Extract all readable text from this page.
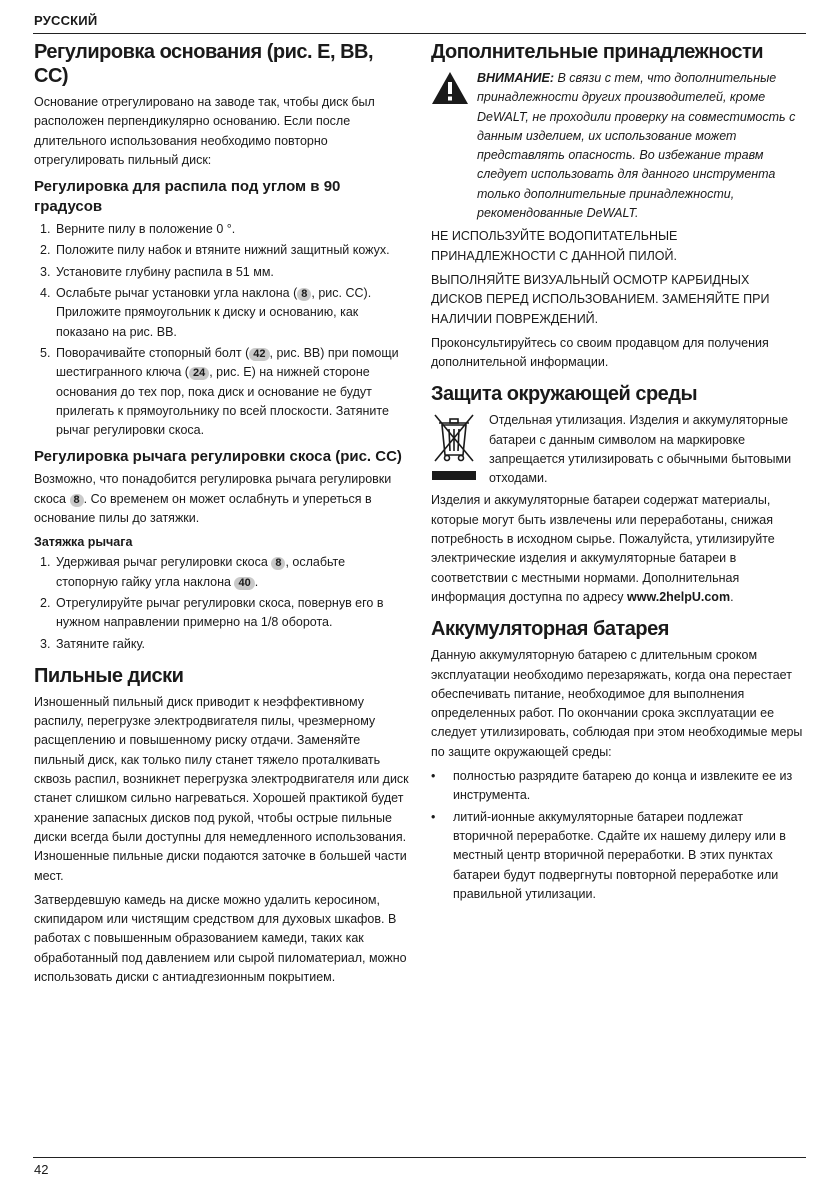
РУССКИЙ
Регулировка основания (рис. E, BB, CC)

Основание отрегулировано на заводе так, чтобы диск был расположен перпендикулярно основанию. Если после длительного использования необходимо повторно отрегулировать пильный диск:

Регулировка для распила под углом в 90 градусов
1. Верните пилу в положение 0 °.
2. Положите пилу набок и втяните нижний защитный кожух.
3. Установите глубину распила в 51 мм.
4. Ослабьте рычаг установки угла наклона ( 8 , рис. CC). Приложите прямоугольник к диску и основанию, как показано на рис. BB.
5. Поворачивайте стопорный болт ( 42 , рис. BB) при помощи шестигранного ключа ( 24 , рис. E) на нижней стороне основания до тех пор, пока диск и основание не будут прилегать к прямоугольнику по всей плоскости. Затяните рычаг регулировки скоса.
Регулировка рычага регулировки скоса (рис. CC)

Возможно, что понадобится регулировка рычага регулировки скоса 8 . Со временем он может ослабнуть и упереться в основание пилы до затяжки.

Затяжка рычага
1. Удерживая рычаг регулировки скоса 8 , ослабьте стопорную гайку угла наклона 40 .
2. Отрегулируйте рычаг регулировки скоса, повернув его в нужном направлении примерно на 1/8 оборота.
3. Затяните гайку.
Пильные диски

Изношенный пильный диск приводит к неэффективному распилу, перегрузке электродвигателя пилы, чрезмерному расщеплению и повышенному риску отдачи. Заменяйте пильный диск, как только пилу станет тяжело проталкивать сквозь распил, возникнет перегрузка электродвигателя или диск станет слишком сильно нагреваться. Хорошей практикой будет хранение запасных дисков под рукой, чтобы острые пильные диски всегда были доступны для немедленного использования. Изношенные пильные диски подаются заточке в большей части мест.

Затвердевшую камедь на диске можно удалить керосином, скипидаром или чистящим средством для духовых шкафов. В работах с повышенным образованием камеди, таких как обработанный под давлением или сырой пиломатериал, можно использовать диски с антиадгезионным покрытием.

Дополнительные принадлежности

ВНИМАНИЕ: В связи с тем, что дополнительные принадлежности других производителей, кроме DeWALT, не проходили проверку на совместимость с данным изделием, их использование может представлять опасность. Во избежание травм следует использовать для данного инструмента только дополнительные принадлежности, рекомендованные DeWALT.

НЕ ИСПОЛЬЗУЙТЕ ВОДОПИТАТЕЛЬНЫЕ ПРИНАДЛЕЖНОСТИ С ДАННОЙ ПИЛОЙ.

ВЫПОЛНЯЙТЕ ВИЗУАЛЬНЫЙ ОСМОТР КАРБИДНЫХ ДИСКОВ ПЕРЕД ИСПОЛЬЗОВАНИЕМ. ЗАМЕНЯЙТЕ ПРИ НАЛИЧИИ ПОВРЕЖДЕНИЙ.

Проконсультируйтесь со своим продавцом для получения дополнительной информации.

Защита окружающей среды

Отдельная утилизация. Изделия и аккумуляторные батареи с данным символом на маркировке запрещается утилизировать с обычными бытовыми отходами.

Изделия и аккумуляторные батареи содержат материалы, которые могут быть извлечены или переработаны, снижая потребность в исходном сырье. Пожалуйста, утилизируйте электрические изделия и аккумуляторные батареи в соответствии с местными нормами. Дополнительная информация доступна по адресу www.2helpU.com.

Аккумуляторная батарея

Данную аккумуляторную батарею с длительным сроком эксплуатации необходимо перезаряжать, когда она перестает обеспечивать питание, необходимое для выполнения определенных работ. По окончании срока эксплуатации ее следует утилизировать, соблюдая при этом необходимые меры по защите окружающей среды:

• полностью разрядите батарею до конца и извлеките ее из инструмента.
• литий-ионные аккумуляторные батареи подлежат вторичной переработке. Сдайте их нашему дилеру или в местный центр вторичной переработки. В этих пунктах батареи будут подвергнуты повторной переработке или правильной утилизации.
42
